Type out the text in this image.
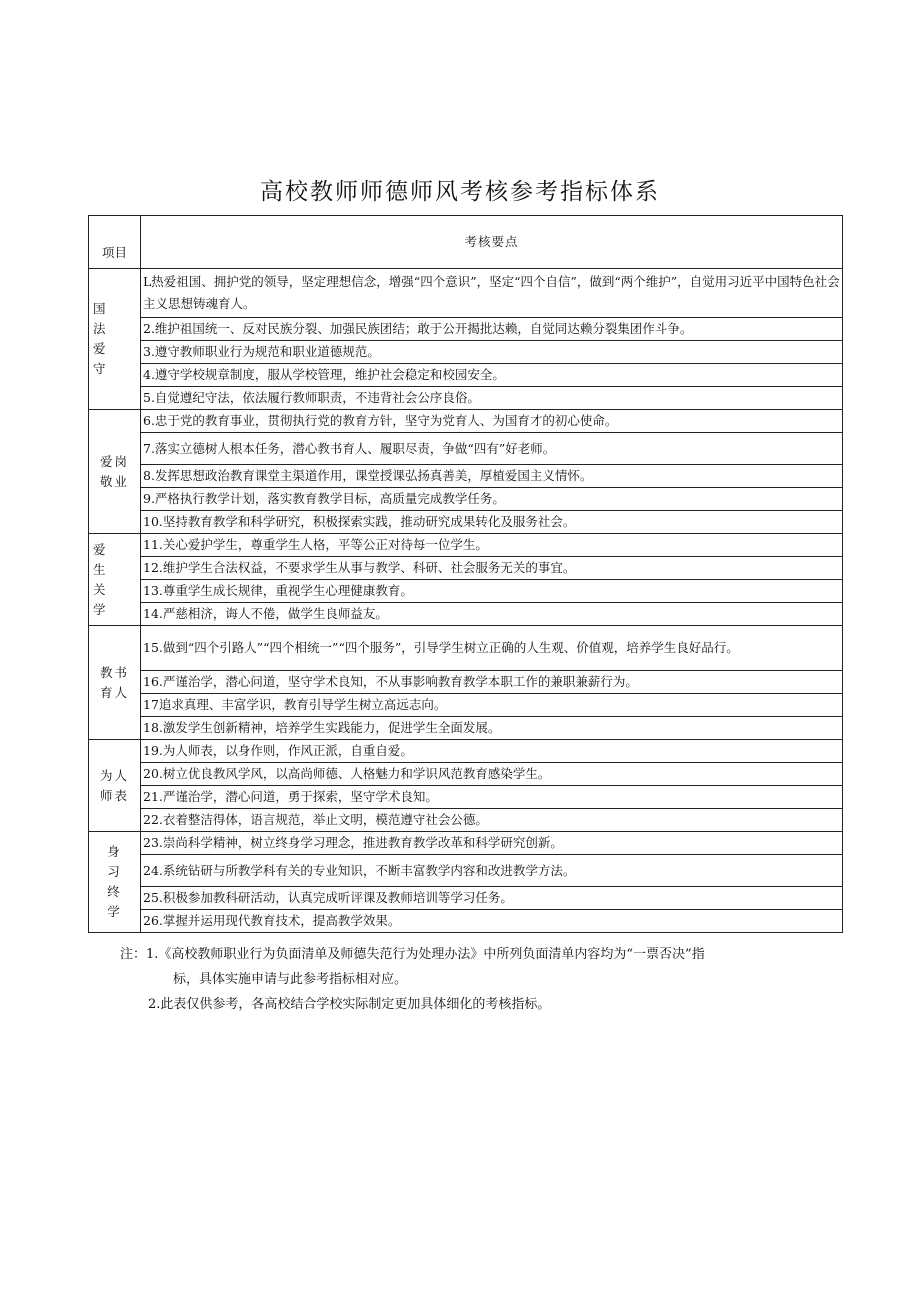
高校教师师德师风考核参考指标体系
项目	考核要点

国
法
爱
守	L热爱祖国、拥护党的领导，坚定理想信念，增强“四个意识”，坚定“四个自信”，做到“两个维护”，自觉用习近平中国特色社会主义思想铸魂育人。
	2.维护祖国统一、反对民族分裂、加强民族团结；敢于公开揭批达赖，自觉同达赖分裂集团作斗争。
	3.遵守教师职业行为规范和职业道德规范。
	4.遵守学校规章制度，服从学校管理，维护社会稳定和校园安全。
	5.自觉遵纪守法，依法履行教师职责，不违背社会公序良俗。

爱岗
敬业	6.忠于党的教育事业，贯彻执行党的教育方针，坚守为党育人、为国育才的初心使命。
	7.落实立德树人根本任务，潜心教书育人、履职尽责，争做“四有”好老师。
	8.发挥思想政治教育课堂主渠道作用，课堂授课弘扬真善美，厚植爱国主义情怀。
	9.严格执行教学计划，落实教育教学目标，高质量完成教学任务。
	10.坚持教育教学和科学研究，积极探索实践，推动研究成果转化及服务社会。

爱
生
关
学	11.关心爱护学生，尊重学生人格，平等公正对待每一位学生。
	12.维护学生合法权益，不要求学生从事与教学、科研、社会服务无关的事宜。
	13.尊重学生成长规律，重视学生心理健康教育。
	14.严慈相济，诲人不倦，做学生良师益友。

教书
育人	15.做到“四个引路人”“四个相统一”“四个服务”，引导学生树立正确的人生观、价值观，培养学生良好品行。
	16.严谨治学，潜心问道，坚守学术良知，不从事影响教育教学本职工作的兼职兼薪行为。
	17追求真理、丰富学识，教育引导学生树立高远志向。
	18.激发学生创新精神，培养学生实践能力，促进学生全面发展。

为人
师表	19.为人师表，以身作则，作风正派，自重自爱。
	20.树立优良教风学风，以高尚师德、人格魅力和学识风范教育感染学生。
	21.严谨治学，潜心问道，勇于探索，坚守学术良知。
	22.衣着整洁得体，语言规范，举止文明，模范遵守社会公德。

身
习
终
学	23.崇尚科学精神，树立终身学习理念，推进教育教学改革和科学研究创新。
	24.系统钻研与所教学科有关的专业知识，不断丰富教学内容和改进教学方法。
	25.积极参加教科研活动，认真完成听评课及教师培训等学习任务。
	26.掌握并运用现代教育技术，提高教学效果。
注：1.《高校教师职业行为负面清单及师德失范行为处理办法》中所列负面清单内容均为“一票否决”指
标，具体实施申请与此参考指标相对应。
2.此表仅供参考，各高校结合学校实际制定更加具体细化的考核指标。
